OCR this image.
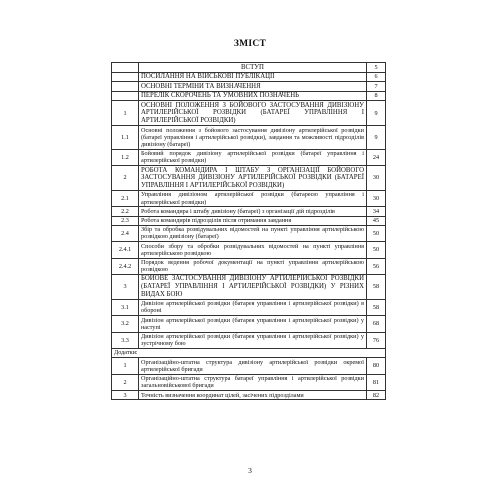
ЗМІСТ
	ВСТУП	5
	ПОСИЛАННЯ НА ВІЙСЬКОВІ ПУБЛІКАЦІЇ	6
	ОСНОВНІ ТЕРМІНИ ТА ВИЗНАЧЕННЯ	7
	ПЕРЕЛІК СКОРОЧЕНЬ ТА УМОВНИХ ПОЗНАЧЕНЬ	8
1	ОСНОВНІ ПОЛОЖЕННЯ З БОЙОВОГО ЗАСТОСУВАННЯ ДИВІЗІОНУ АРТИЛЕРІЙСЬКОЇ РОЗВІДКИ (БАТАРЕЇ УПРАВЛІННЯ І АРТИЛЕРІЙСЬКОЇ РОЗВІДКИ)	9
1.1	Основні положення з бойового застосування дивізіону артилерійської розвідки (батареї управління і артилерійської розвідки), завдання та можливості підрозділів дивізіону (батареї)	9
1.2	Бойовий порядок дивізіону артилерійської розвідки (батареї управління і артилерійської розвідки)	24
2	РОБОТА КОМАНДИРА І ШТАБУ З ОРГАНІЗАЦІЇ БОЙОВОГО ЗАСТОСУВАННЯ ДИВІЗІОНУ АРТИЛЕРІЙСЬКОЇ РОЗВІДКИ (БАТАРЕЇ УПРАВЛІННЯ І АРТИЛЕРІЙСЬКОЇ РОЗВІДКИ)	30
2.1	Управління дивізіоном артилерійської розвідки (батареєю управління і артилерійської розвідки)	30
2.2	Робота командира і штабу дивізіону (батареї) з організації дій підрозділів	34
2.3	Робота командирів підрозділів після отримання завдання	45
2.4	Збір та обробка розвідувальних відомостей на пункті управління артилерійською розвідкою дивізіону (батареї)	50
2.4.1	Способи збору та обробки розвідувальних відомостей на пункті управління артилерійською розвідкою	50
2.4.2	Порядок ведення робочої документації на пункті управління артилерійською розвідкою	56
3	БОЙОВЕ ЗАСТОСУВАННЯ ДИВІЗІОНУ АРТИЛЕРІЙСЬКОЇ РОЗВІДКИ (БАТАРЕЇ УПРАВЛІННЯ І АРТИЛЕРІЙСЬКОЇ РОЗВІДКИ) У РІЗНИХ ВИДАХ БОЮ	58
3.1	Дивізіон артилерійської розвідки (батарея управління і артилерійської розвідки) в обороні	58
3.2	Дивізіон артилерійської розвідки (батарея управління і артилерійської розвідки) у наступі	68
3.3	Дивізіон артилерійської розвідки (батарея управління і артилерійської розвідки) у зустрічному бою	76
Додатки:		
1	Організаційно-штатна структура дивізіону артилерійської розвідки окремої артилерійської бригади	80
2	Організаційно-штатна структура батареї управління і артилерійської розвідки загальновійськової бригади	81
3	Точність визначення координат цілей, засічених підрозділами	82
3
